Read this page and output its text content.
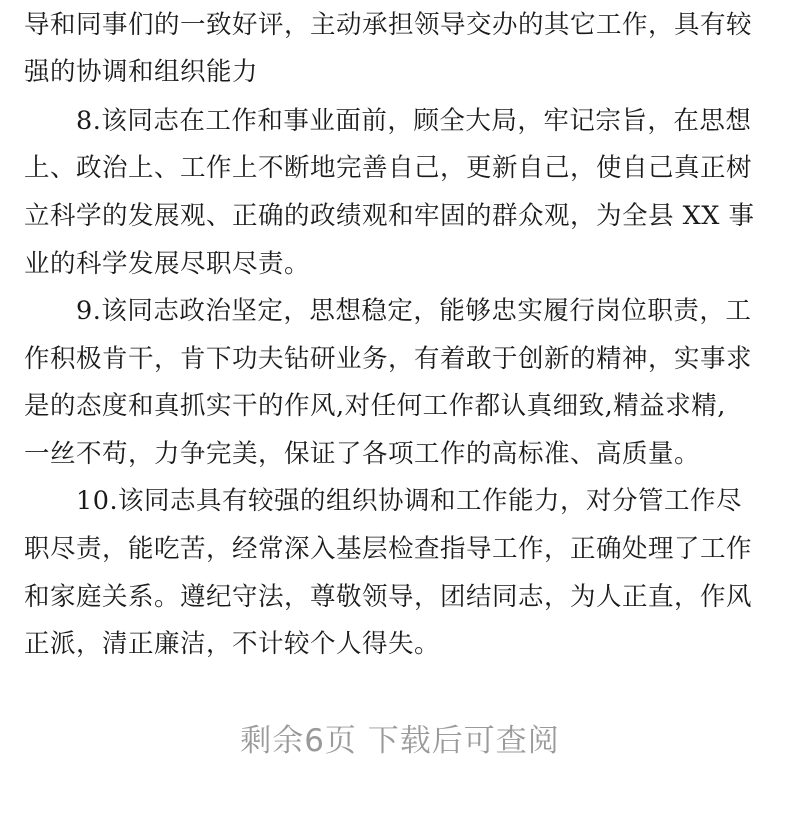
导和同事们的一致好评，主动承担领导交办的其它工作，具有较
强的协调和组织能力
8.该同志在工作和事业面前，顾全大局，牢记宗旨，在思想
上、政治上、工作上不断地完善自己，更新自己，使自己真正树
立科学的发展观、正确的政绩观和牢固的群众观，为全县 XX 事
业的科学发展尽职尽责。
9.该同志政治坚定，思想稳定，能够忠实履行岗位职责，工
作积极肯干，肯下功夫钻研业务，有着敢于创新的精神，实事求
是的态度和真抓实干的作风,对任何工作都认真细致,精益求精,
一丝不苟，力争完美，保证了各项工作的高标准、高质量。
10.该同志具有较强的组织协调和工作能力，对分管工作尽
职尽责，能吃苦，经常深入基层检查指导工作，正确处理了工作
和家庭关系。遵纪守法，尊敬领导，团结同志，为人正直，作风
正派，清正廉洁，不计较个人得失。
剩余6页 下载后可查阅
